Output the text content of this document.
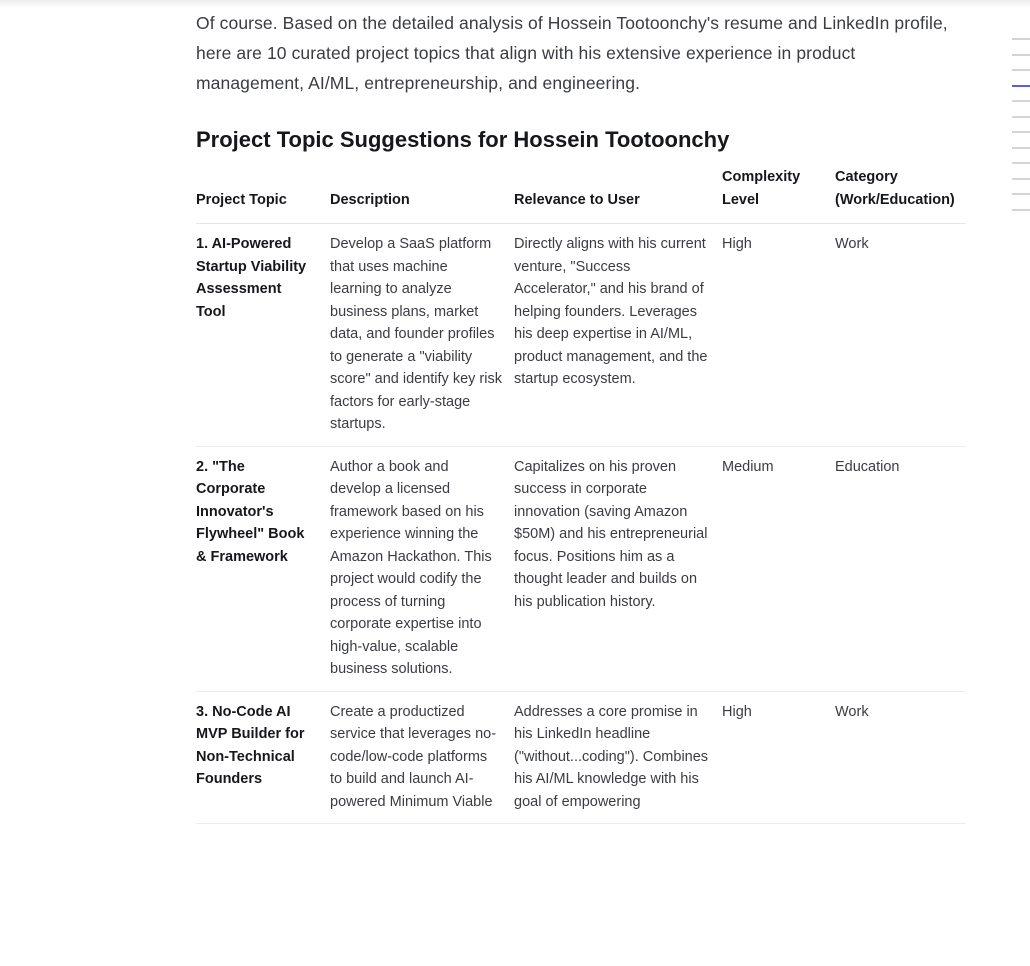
Of course. Based on the detailed analysis of Hossein Tootoonchy's resume and LinkedIn profile, here are 10 curated project topics that align with his extensive experience in product management, AI/ML, entrepreneurship, and engineering.

Project Topic Suggestions for Hossein Tootoonchy
Project Topic	Description	Relevance to User	Complexity Level	Category (Work/Education)
1. AI-Powered Startup Viability Assessment Tool	Develop a SaaS platform that uses machine learning to analyze business plans, market data, and founder profiles to generate a "viability score" and identify key risk factors for early-stage startups.	Directly aligns with his current venture, "Success Accelerator," and his brand of helping founders. Leverages his deep expertise in AI/ML, product management, and the startup ecosystem.	High	Work
2. "The Corporate Innovator's Flywheel" Book & Framework	Author a book and develop a licensed framework based on his experience winning the Amazon Hackathon. This project would codify the process of turning corporate expertise into high-value, scalable business solutions.	Capitalizes on his proven success in corporate innovation (saving Amazon $50M) and his entrepreneurial focus. Positions him as a thought leader and builds on his publication history.	Medium	Education
3. No-Code AI MVP Builder for Non-Technical Founders	Create a productized service that leverages no-code/low-code platforms to build and launch AI-powered Minimum Viable	Addresses a core promise in his LinkedIn headline ("without...coding"). Combines his AI/ML knowledge with his goal of empowering	High	Work
